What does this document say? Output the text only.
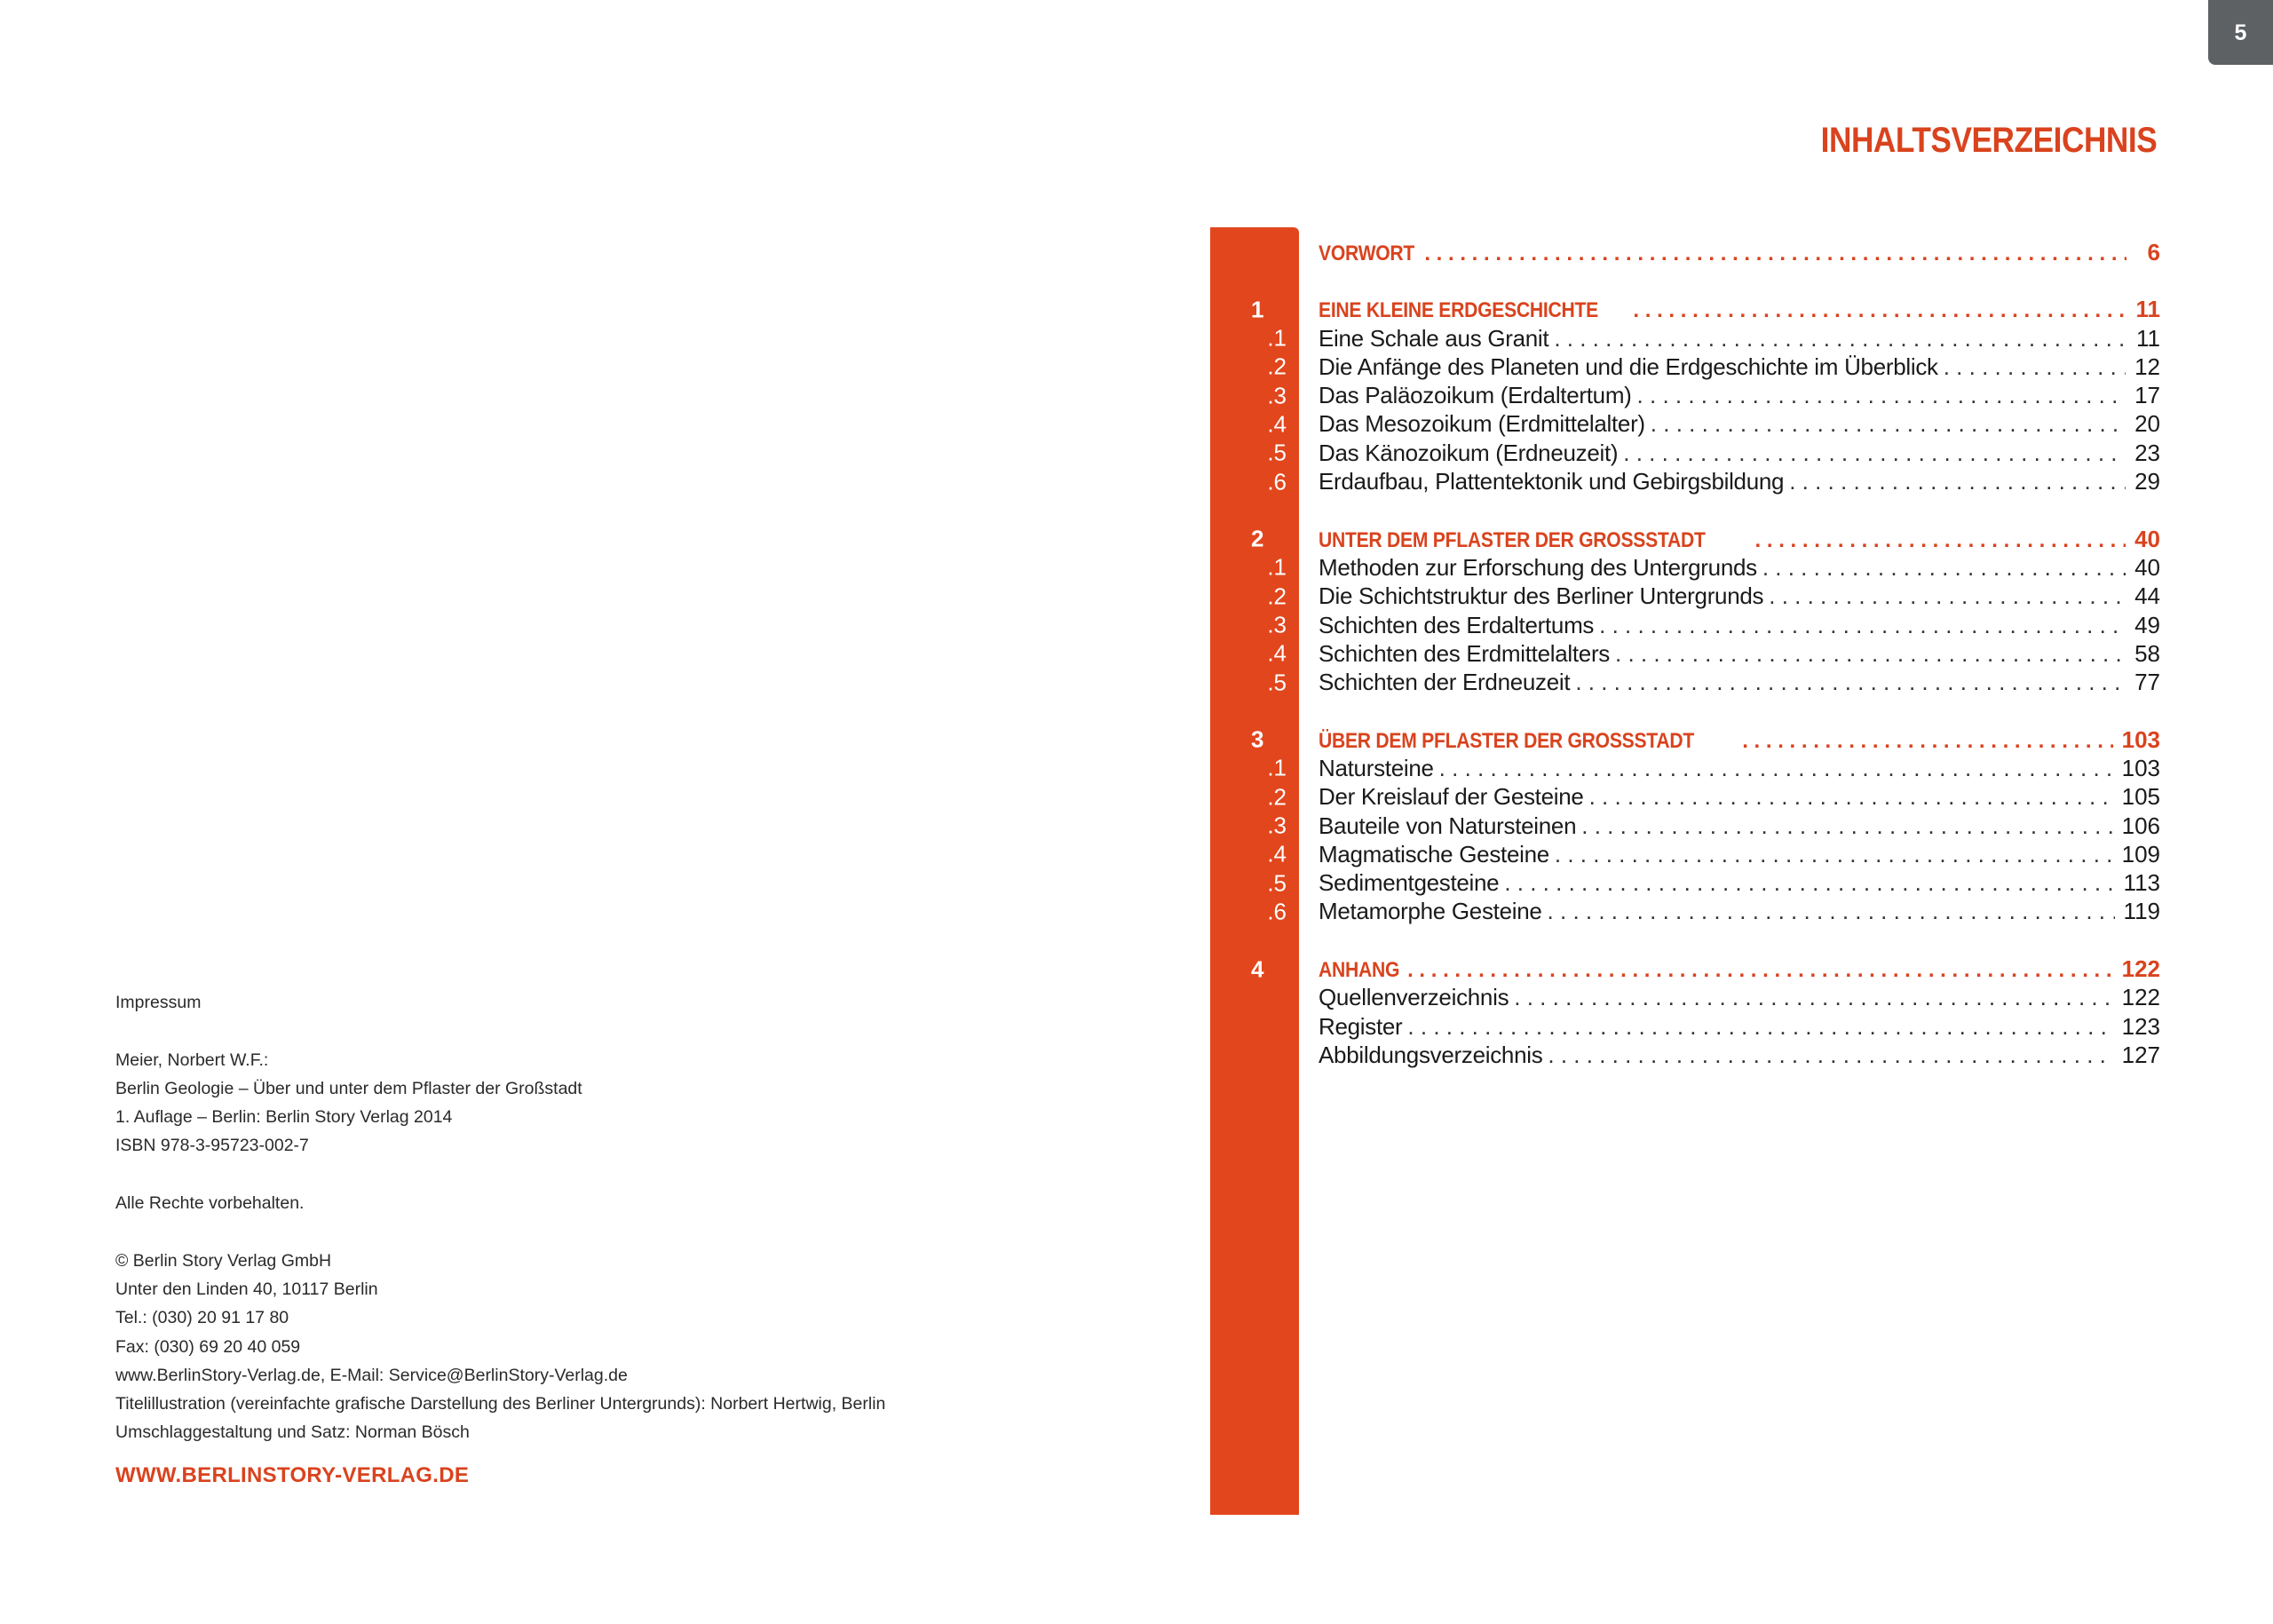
5
INHALTSVERZEICHNIS
VORWORT . . .	6
1	EINE KLEINE ERDGESCHICHTE . . .	11
.1 Eine Schale aus Granit . . .	11
.2 Die Anfänge des Planeten und die Erdgeschichte im Überblick . . .	12
.3 Das Paläozoikum (Erdaltertum) . . .	17
.4 Das Mesozoikum (Erdmittelalter) . . .	20
.5 Das Känozoikum (Erdneuzeit) . . .	23
.6 Erdaufbau, Plattentektonik und Gebirgsbildung . . .	29
2	UNTER DEM PFLASTER DER GROSSSTADT . . .	40
.1 Methoden zur Erforschung des Untergrunds . . .	40
.2 Die Schichtstruktur des Berliner Untergrunds . . .	44
.3 Schichten des Erdaltertums . . .	49
.4 Schichten des Erdmittelalters . . .	58
.5 Schichten der Erdneuzeit . . .	77
3	ÜBER DEM PFLASTER DER GROSSSTADT . . .	103
.1 Natursteine . . .	103
.2 Der Kreislauf der Gesteine . . .	105
.3 Bauteile von Natursteinen . . .	106
.4 Magmatische Gesteine . . .	109
.5 Sedimentgesteine . . .	113
.6 Metamorphe Gesteine . . .	119
4	ANHANG . . .	122
Quellenverzeichnis . . .	122
Register . . .	123
Abbildungsverzeichnis . . .	127
Impressum
Meier, Norbert W.F.:
Berlin Geologie – Über und unter dem Pflaster der Großstadt
1. Auflage – Berlin: Berlin Story Verlag 2014
ISBN 978-3-95723-002-7
Alle Rechte vorbehalten.
© Berlin Story Verlag GmbH
Unter den Linden 40, 10117 Berlin
Tel.: (030) 20 91 17 80
Fax: (030) 69 20 40 059
www.BerlinStory-Verlag.de, E-Mail: Service@BerlinStory-Verlag.de
Titelillustration (vereinfachte grafische Darstellung des Berliner Untergrunds): Norbert Hertwig, Berlin
Umschlaggestaltung und Satz: Norman Bösch
WWW.BERLINSTORY-VERLAG.DE
